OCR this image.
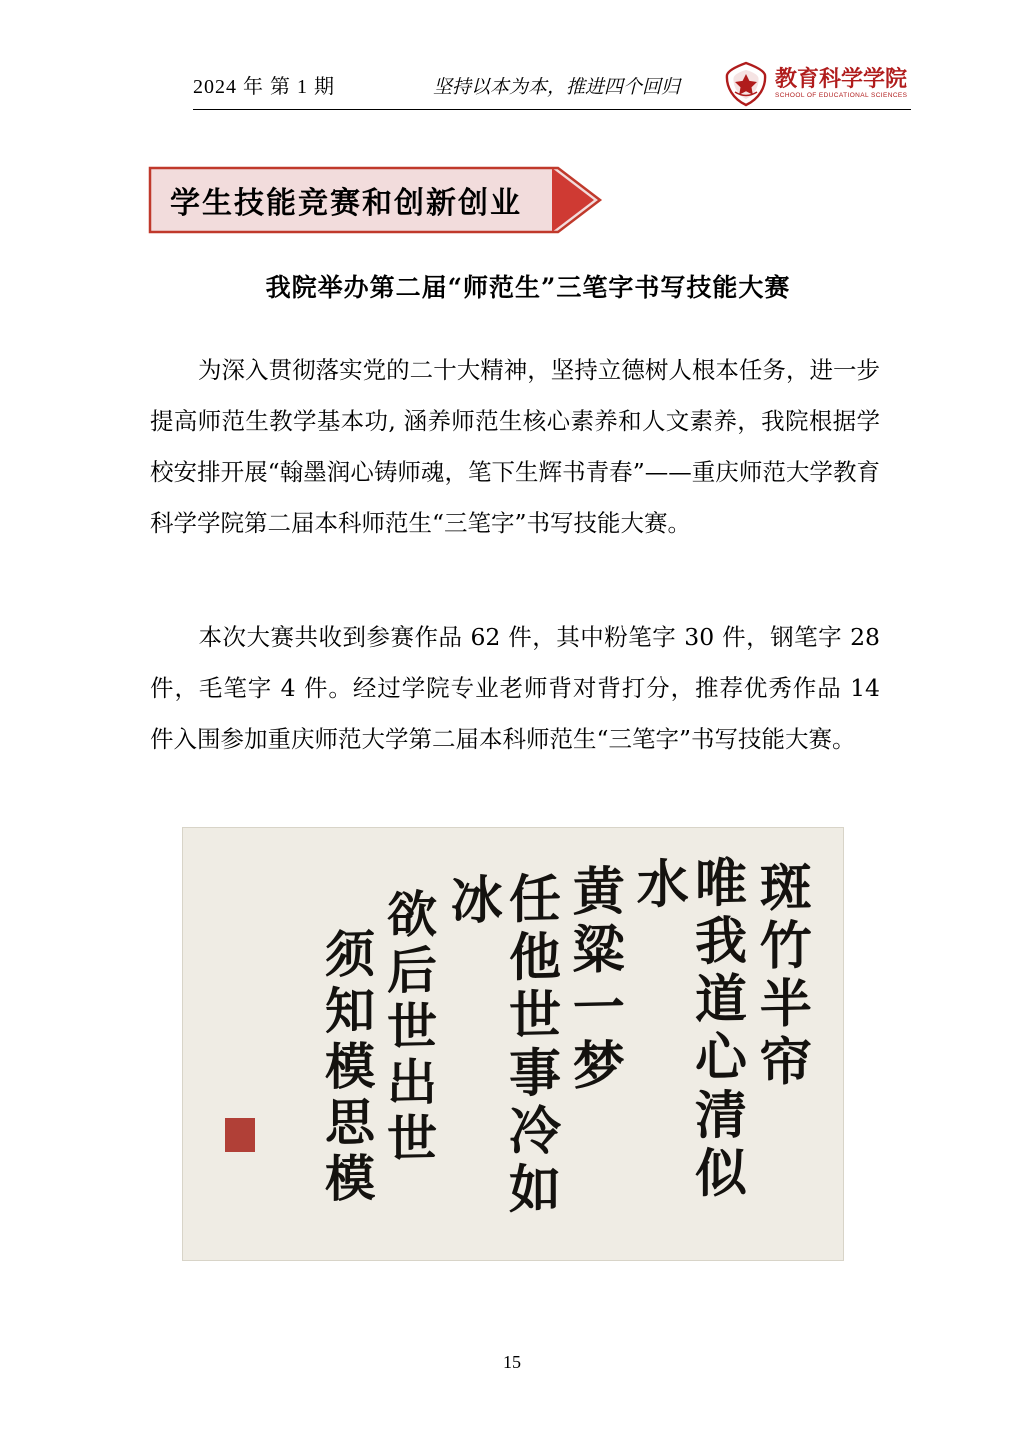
2024 年 第 1 期	坚持以本为本，推进四个回归	教育科学学院
SCHOOL OF EDUCATIONAL SCIENCES
学生技能竞赛和创新创业
我院举办第二届“师范生”三笔字书写技能大赛
为深入贯彻落实党的二十大精神，坚持立德树人根本任务，进一步提高师范生教学基本功, 涵养师范生核心素养和人文素养，我院根据学校安排开展“翰墨润心铸师魂，笔下生辉书青春”——重庆师范大学教育科学学院第二届本科师范生“三笔字”书写技能大赛。
本次大赛共收到参赛作品 62 件，其中粉笔字 30 件，钢笔字 28 件，毛笔字 4 件。经过学院专业老师背对背打分，推荐优秀作品 14 件入围参加重庆师范大学第二届本科师范生“三笔字”书写技能大赛。
斑竹半帘
唯我道心清似水
黄粱一梦
任他世事冷如冰
欲后世出世
须知模思模
15
